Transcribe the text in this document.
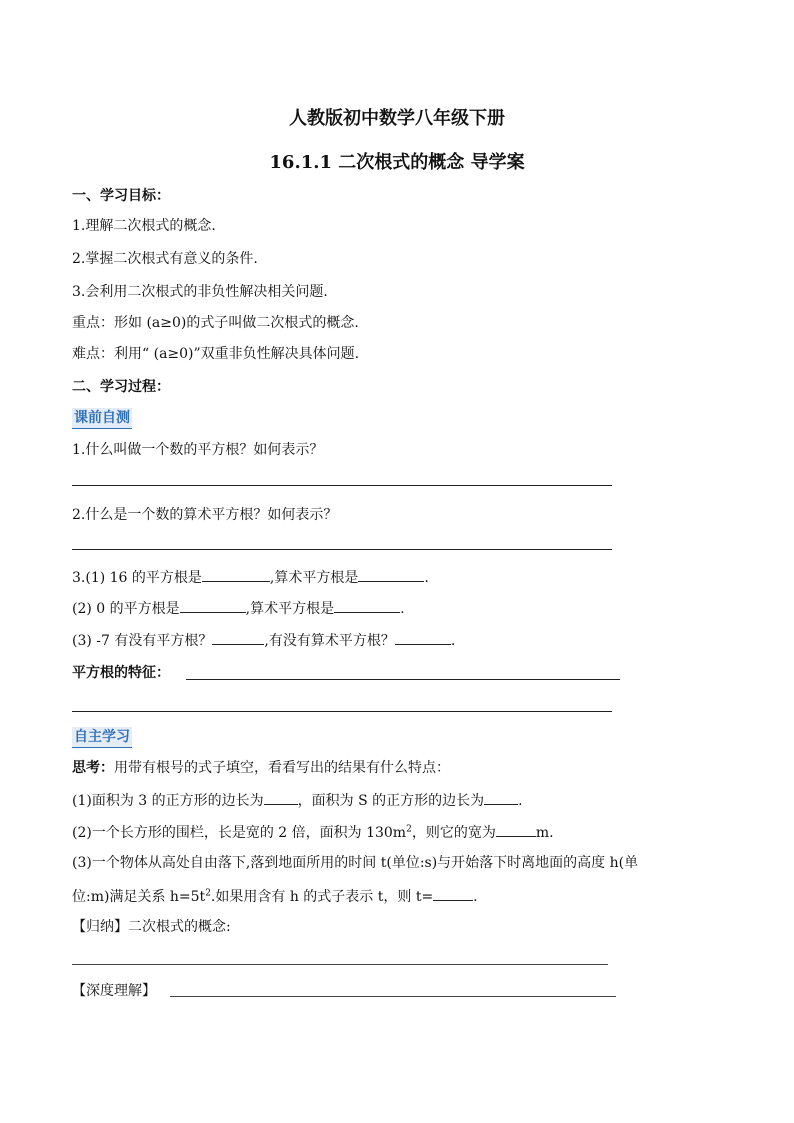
人教版初中数学八年级下册
16.1.1 二次根式的概念 导学案
一、学习目标：
1.理解二次根式的概念.
2.掌握二次根式有意义的条件.
3.会利用二次根式的非负性解决相关问题.
重点：形如 (a≥0)的式子叫做二次根式的概念.
难点：利用“ (a≥0)”双重非负性解决具体问题.
二、学习过程：
课前自测
1.什么叫做一个数的平方根？如何表示？
2.什么是一个数的算术平方根？如何表示？
3.(1) 16 的平方根是	,算术平方根是	.
(2) 0 的平方根是	,算术平方根是	.
(3) -7 有没有平方根？	,有没有算术平方根？	.
平方根的特征：
自主学习
思考：用带有根号的式子填空，看看写出的结果有什么特点：
(1)面积为 3 的正方形的边长为 ，面积为 S 的正方形的边长为 .
(2)一个长方形的围栏，长是宽的 2 倍，面积为 $130m^2$，则它的宽为	m.
(3)一个物体从高处自由落下,落到地面所用的时间 t(单位:s)与开始落下时离地面的高度 h(单
位:m)满足关系 $h=5t^2$.如果用含有 h 的式子表示 t，则 t=	.
【归纳】二次根式的概念:
【深度理解】
